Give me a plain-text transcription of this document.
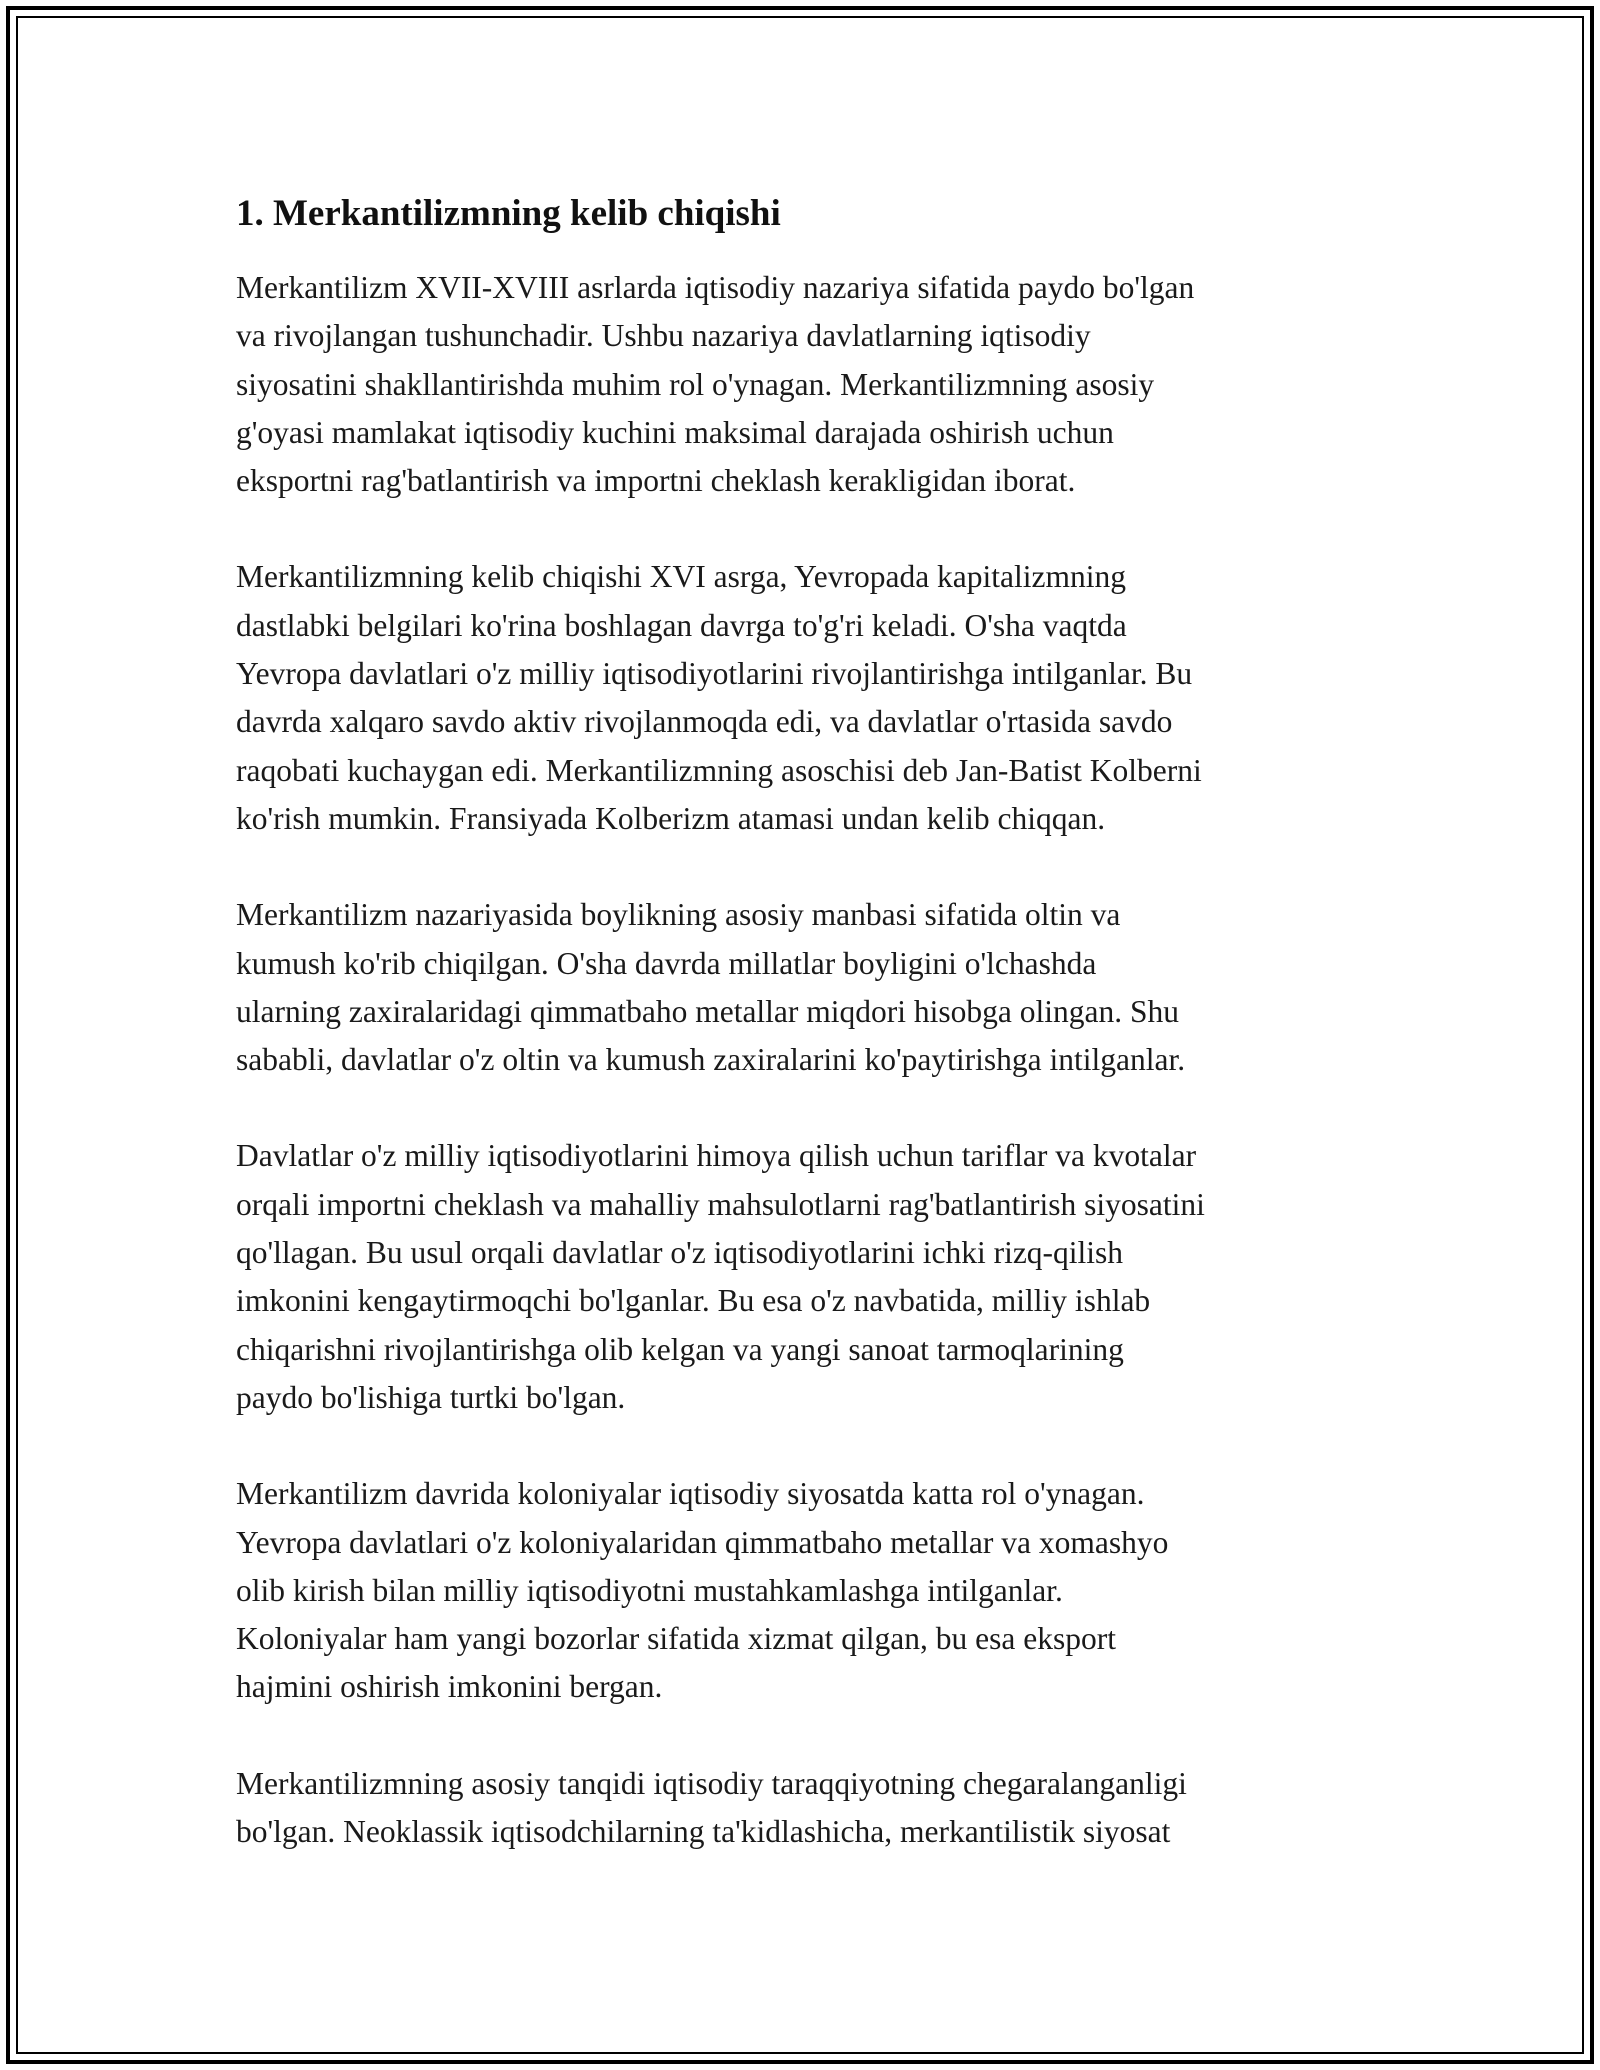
1. Merkantilizmning kelib chiqishi
Merkantilizm XVII-XVIII asrlarda iqtisodiy nazariya sifatida paydo bo'lgan
va rivojlangan tushunchadir. Ushbu nazariya davlatlarning iqtisodiy
siyosatini shakllantirishda muhim rol o'ynagan. Merkantilizmning asosiy
g'oyasi mamlakat iqtisodiy kuchini maksimal darajada oshirish uchun
eksportni rag'batlantirish va importni cheklash kerakligidan iborat.
Merkantilizmning kelib chiqishi XVI asrga, Yevropada kapitalizmning
dastlabki belgilari ko'rina boshlagan davrga to'g'ri keladi. O'sha vaqtda
Yevropa davlatlari o'z milliy iqtisodiyotlarini rivojlantirishga intilganlar. Bu
davrda xalqaro savdo aktiv rivojlanmoqda edi, va davlatlar o'rtasida savdo
raqobati kuchaygan edi. Merkantilizmning asoschisi deb Jan-Batist Kolberni
ko'rish mumkin. Fransiyada Kolberizm atamasi undan kelib chiqqan.
Merkantilizm nazariyasida boylikning asosiy manbasi sifatida oltin va
kumush ko'rib chiqilgan. O'sha davrda millatlar boyligini o'lchashda
ularning zaxiralaridagi qimmatbaho metallar miqdori hisobga olingan. Shu
sababli, davlatlar o'z oltin va kumush zaxiralarini ko'paytirishga intilganlar.
Davlatlar o'z milliy iqtisodiyotlarini himoya qilish uchun tariflar va kvotalar
orqali importni cheklash va mahalliy mahsulotlarni rag'batlantirish siyosatini
qo'llagan. Bu usul orqali davlatlar o'z iqtisodiyotlarini ichki rizq-qilish
imkonini kengaytirmoqchi bo'lganlar. Bu esa o'z navbatida, milliy ishlab
chiqarishni rivojlantirishga olib kelgan va yangi sanoat tarmoqlarining
paydo bo'lishiga turtki bo'lgan.
Merkantilizm davrida koloniyalar iqtisodiy siyosatda katta rol o'ynagan.
Yevropa davlatlari o'z koloniyalaridan qimmatbaho metallar va xomashyo
olib kirish bilan milliy iqtisodiyotni mustahkamlashga intilganlar.
Koloniyalar ham yangi bozorlar sifatida xizmat qilgan, bu esa eksport
hajmini oshirish imkonini bergan.
Merkantilizmning asosiy tanqidi iqtisodiy taraqqiyotning chegaralanganligi
bo'lgan. Neoklassik iqtisodchilarning ta'kidlashicha, merkantilistik siyosat
